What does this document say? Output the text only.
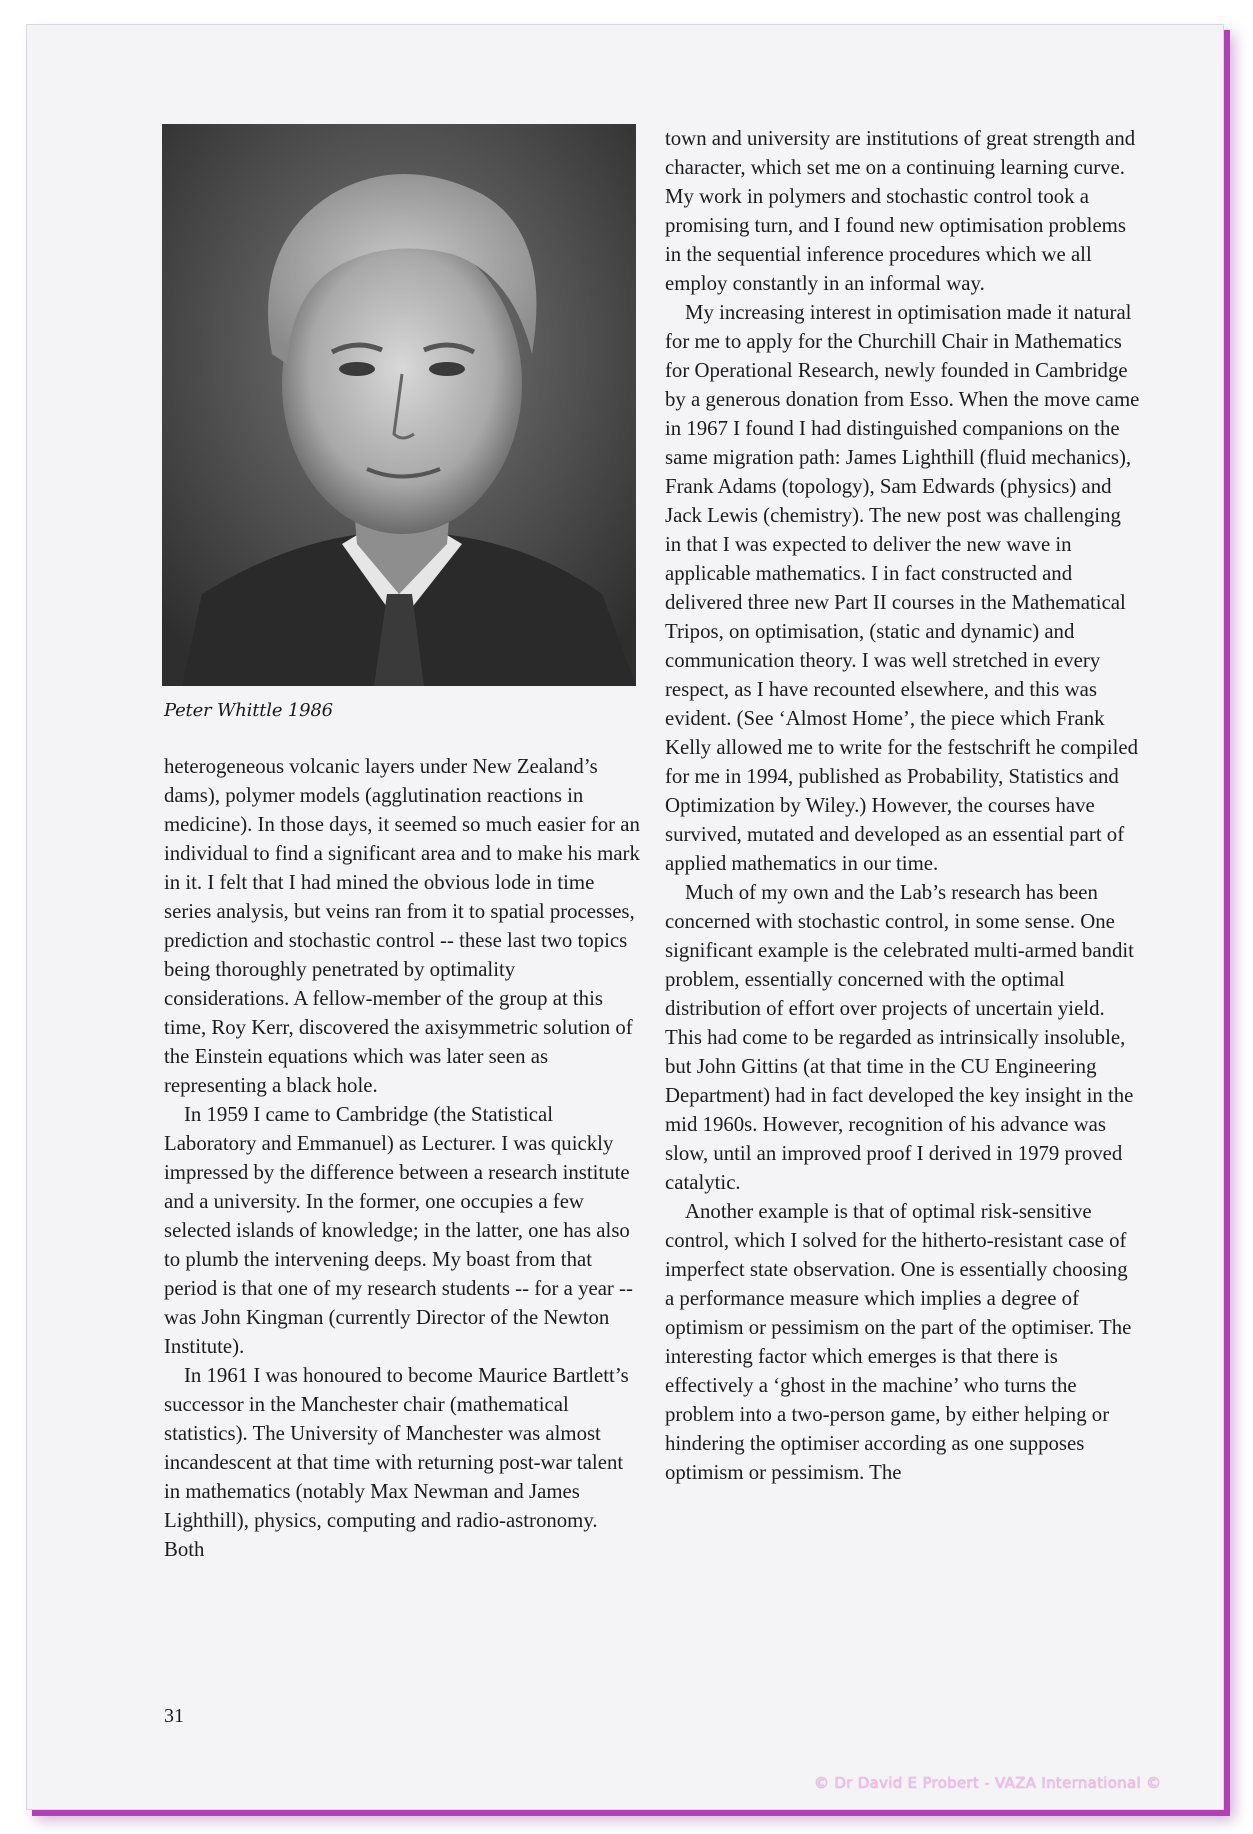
Peter Whittle 1986

heterogeneous volcanic layers under New Zealand’s dams), polymer models (agglutination reactions in medicine). In those days, it seemed so much easier for an individual to find a significant area and to make his mark in it. I felt that I had mined the obvious lode in time series analysis, but veins ran from it to spatial processes, prediction and stochastic control -- these last two topics being thoroughly penetrated by optimality considerations. A fellow-member of the group at this time, Roy Kerr, discovered the axisymmetric solution of the Einstein equations which was later seen as representing a black hole.

In 1959 I came to Cambridge (the Statistical Laboratory and Emmanuel) as Lecturer. I was quickly impressed by the difference between a research institute and a university. In the former, one occupies a few selected islands of knowledge; in the latter, one has also to plumb the intervening deeps. My boast from that period is that one of my research students -- for a year -- was John Kingman (currently Director of the Newton Institute).

In 1961 I was honoured to become Maurice Bartlett’s successor in the Manchester chair (mathematical statistics). The University of Manchester was almost incandescent at that time with returning post-war talent in mathematics (notably Max Newman and James Lighthill), physics, computing and radio-astronomy. Both

town and university are institutions of great strength and character, which set me on a continuing learning curve. My work in polymers and stochastic control took a promising turn, and I found new optimisation problems in the sequential inference procedures which we all employ constantly in an informal way.

My increasing interest in optimisation made it natural for me to apply for the Churchill Chair in Mathematics for Operational Research, newly founded in Cambridge by a generous donation from Esso. When the move came in 1967 I found I had distinguished companions on the same migration path: James Lighthill (fluid mechanics), Frank Adams (topology), Sam Edwards (physics) and Jack Lewis (chemistry). The new post was challenging in that I was expected to deliver the new wave in applicable mathematics. I in fact constructed and delivered three new Part II courses in the Mathematical Tripos, on optimisation, (static and dynamic) and communication theory. I was well stretched in every respect, as I have recounted elsewhere, and this was evident. (See ‘Almost Home’, the piece which Frank Kelly allowed me to write for the festschrift he compiled for me in 1994, published as Probability, Statistics and Optimization by Wiley.) However, the courses have survived, mutated and developed as an essential part of applied mathematics in our time.

Much of my own and the Lab’s research has been concerned with stochastic control, in some sense. One significant example is the celebrated multi-armed bandit problem, essentially concerned with the optimal distribution of effort over projects of uncertain yield. This had come to be regarded as intrinsically insoluble, but John Gittins (at that time in the CU Engineering Department) had in fact developed the key insight in the mid 1960s. However, recognition of his advance was slow, until an improved proof I derived in 1979 proved catalytic.

Another example is that of optimal risk-sensitive control, which I solved for the hitherto-resistant case of imperfect state observation. One is essentially choosing a performance measure which implies a degree of optimism or pessimism on the part of the optimiser. The interesting factor which emerges is that there is effectively a ‘ghost in the machine’ who turns the problem into a two-person game, by either helping or hindering the optimiser according as one supposes optimism or pessimism. The

31
© Dr David E Probert - VAZA International ©
